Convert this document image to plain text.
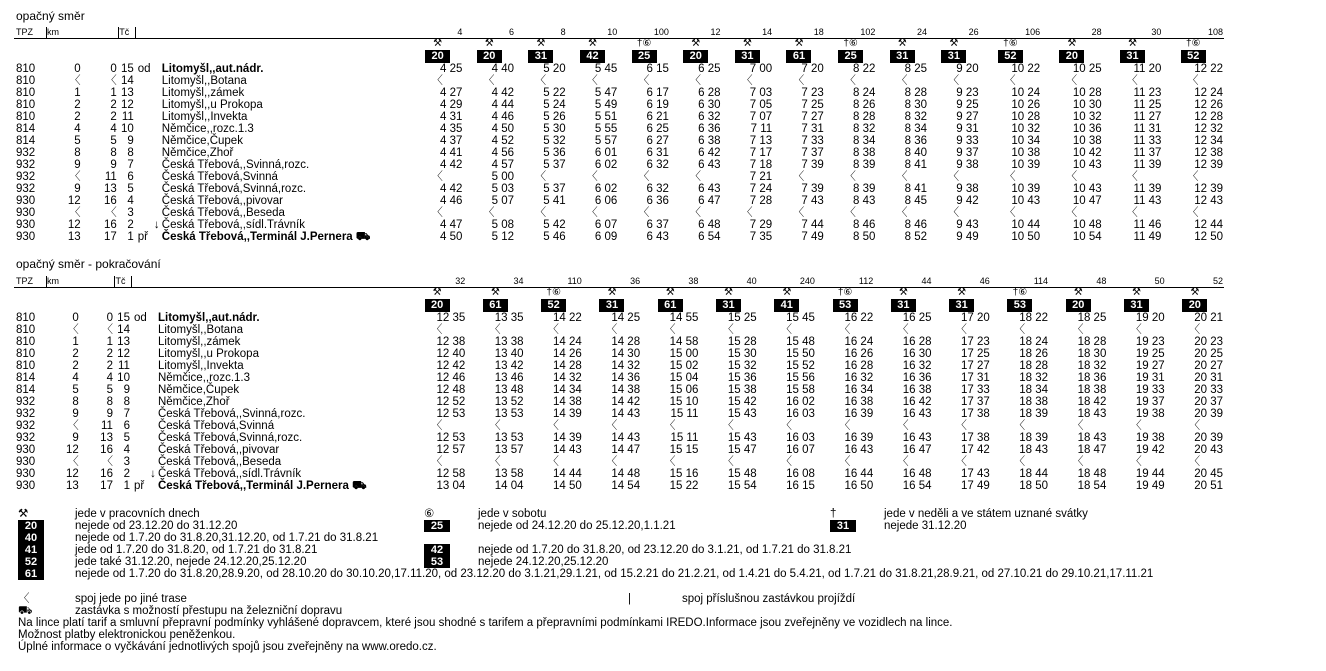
opačný směr
TPZ	km		Tč				4	6	8	10	100	12	14	18	102	24	26	106	28	30	108
							⚒	⚒	⚒	⚒	†⑥	⚒	⚒	⚒	†⑥	⚒	⚒	†⑥	⚒	⚒	†⑥
							20	20	31	42	25	20	31	61	25	31	31	52	20	31	52
810	0	0	15	od		Litomyšl,,aut.nádr.	4 25	4 40	5 20	5 45	6 15	6 25	7 00	7 20	8 22	8 25	9 20	10 22	10 25	11 20	12 22
810	〈	〈	14			Litomyšl,,Botana	〈	〈	〈	〈	〈	〈	〈	〈	〈	〈	〈	〈	〈	〈	〈
810	1	1	13			Litomyšl,,zámek	4 27	4 42	5 22	5 47	6 17	6 28	7 03	7 23	8 24	8 28	9 23	10 24	10 28	11 23	12 24
810	2	2	12			Litomyšl,,u Prokopa	4 29	4 44	5 24	5 49	6 19	6 30	7 05	7 25	8 26	8 30	9 25	10 26	10 30	11 25	12 26
810	2	2	11			Litomyšl,,Invekta	4 31	4 46	5 26	5 51	6 21	6 32	7 07	7 27	8 28	8 32	9 27	10 28	10 32	11 27	12 28
814	4	4	10			Němčice,,rozc.1.3	4 35	4 50	5 30	5 55	6 25	6 36	7 11	7 31	8 32	8 34	9 31	10 32	10 36	11 31	12 32
814	5	5	9			Němčice,Čupek	4 37	4 52	5 32	5 57	6 27	6 38	7 13	7 33	8 34	8 36	9 33	10 34	10 38	11 33	12 34
932	8	8	8			Němčice,Zhoř	4 41	4 56	5 36	6 01	6 31	6 42	7 17	7 37	8 38	8 40	9 37	10 38	10 42	11 37	12 38
932	9	9	7			Česká Třebová,,Svinná,rozc.	4 42	4 57	5 37	6 02	6 32	6 43	7 18	7 39	8 39	8 41	9 38	10 39	10 43	11 39	12 39
932	〈	11	6			Česká Třebová,Svinná	〈	5 00	〈	〈	〈	〈	7 21	〈	〈	〈	〈	〈	〈	〈	〈
932	9	13	5			Česká Třebová,Svinná,rozc.	4 42	5 03	5 37	6 02	6 32	6 43	7 24	7 39	8 39	8 41	9 38	10 39	10 43	11 39	12 39
930	12	16	4			Česká Třebová,,pivovar	4 46	5 07	5 41	6 06	6 36	6 47	7 28	7 43	8 43	8 45	9 42	10 43	10 47	11 43	12 43
930	〈	〈	3			Česká Třebová,,Beseda	〈	〈	〈	〈	〈	〈	〈	〈	〈	〈	〈	〈	〈	〈	〈
930	12	16	2		↓	Česká Třebová,,sídl.Trávník	4 47	5 08	5 42	6 07	6 37	6 48	7 29	7 44	8 46	8 46	9 43	10 44	10 48	11 46	12 44
930	13	17	1	př		Česká Třebová,,Terminál J.Pernera ⛟	4 50	5 12	5 46	6 09	6 43	6 54	7 35	7 49	8 50	8 52	9 49	10 50	10 54	11 49	12 50
opačný směr - pokračování
TPZ	km		Tč				32	34	110	36	38	40	240	112	44	46	114	48	50	52
							⚒	⚒	†⑥	⚒	⚒	⚒	⚒	†⑥	⚒	⚒	†⑥	⚒	⚒	⚒
							20	61	52	31	61	31	41	53	31	31	53	20	31	20
810	0	0	15	od		Litomyšl,,aut.nádr.	12 35	13 35	14 22	14 25	14 55	15 25	15 45	16 22	16 25	17 20	18 22	18 25	19 20	20 21
810	〈	〈	14			Litomyšl,,Botana	〈	〈	〈	〈	〈	〈	〈	〈	〈	〈	〈	〈	〈	〈
810	1	1	13			Litomyšl,,zámek	12 38	13 38	14 24	14 28	14 58	15 28	15 48	16 24	16 28	17 23	18 24	18 28	19 23	20 23
810	2	2	12			Litomyšl,,u Prokopa	12 40	13 40	14 26	14 30	15 00	15 30	15 50	16 26	16 30	17 25	18 26	18 30	19 25	20 25
810	2	2	11			Litomyšl,,Invekta	12 42	13 42	14 28	14 32	15 02	15 32	15 52	16 28	16 32	17 27	18 28	18 32	19 27	20 27
814	4	4	10			Němčice,,rozc.1.3	12 46	13 46	14 32	14 36	15 04	15 36	15 56	16 32	16 36	17 31	18 32	18 36	19 31	20 31
814	5	5	9			Němčice,Čupek	12 48	13 48	14 34	14 38	15 06	15 38	15 58	16 34	16 38	17 33	18 34	18 38	19 33	20 33
932	8	8	8			Němčice,Zhoř	12 52	13 52	14 38	14 42	15 10	15 42	16 02	16 38	16 42	17 37	18 38	18 42	19 37	20 37
932	9	9	7			Česká Třebová,,Svinná,rozc.	12 53	13 53	14 39	14 43	15 11	15 43	16 03	16 39	16 43	17 38	18 39	18 43	19 38	20 39
932	〈	11	6			Česká Třebová,Svinná	〈	〈	〈	〈	〈	〈	〈	〈	〈	〈	〈	〈	〈	〈
932	9	13	5			Česká Třebová,Svinná,rozc.	12 53	13 53	14 39	14 43	15 11	15 43	16 03	16 39	16 43	17 38	18 39	18 43	19 38	20 39
930	12	16	4			Česká Třebová,,pivovar	12 57	13 57	14 43	14 47	15 15	15 47	16 07	16 43	16 47	17 42	18 43	18 47	19 42	20 43
930	〈	〈	3			Česká Třebová,,Beseda	〈	〈	〈	〈	〈	〈	〈	〈	〈	〈	〈	〈	〈	〈
930	12	16	2		↓	Česká Třebová,,sídl.Trávník	12 58	13 58	14 44	14 48	15 16	15 48	16 08	16 44	16 48	17 43	18 44	18 48	19 44	20 45
930	13	17	1	př		Česká Třebová,,Terminál J.Pernera ⛟	13 04	14 04	14 50	14 54	15 22	15 54	16 15	16 50	16 54	17 49	18 50	18 54	19 49	20 51
⚒	jede v pracovních dnech	⑥	jede v sobotu	†	jede v neděli a ve státem uznané svátky
20	nejede od 23.12.20 do 31.12.20	25	nejede od 24.12.20 do 25.12.20,1.1.21	31	nejede 31.12.20
40	nejede od 1.7.20 do 31.8.20,31.12.20, od 1.7.21 do 31.8.21
41	jede od 1.7.20 do 31.8.20, od 1.7.21 do 31.8.21	42	nejede od 1.7.20 do 31.8.20, od 23.12.20 do 3.1.21, od 1.7.21 do 31.8.21
52	jede také 31.12.20, nejede 24.12.20,25.12.20	53	nejede 24.12.20,25.12.20
61	nejede od 1.7.20 do 31.8.20,28.9.20, od 28.10.20 do 30.10.20,17.11.20, od 23.12.20 do 3.1.21,29.1.21, od 15.2.21 do 21.2.21, od 1.4.21 do 5.4.21, od 1.7.21 do 31.8.21,28.9.21, od 27.10.21 do 29.10.21,17.11.21
〈	spoj jede po jiné trase	|	spoj příslušnou zastávkou projíždí
⛟	zastávka s možností přestupu na železniční dopravu
Na lince platí tarif a smluvní přepravní podmínky vyhlášené dopravcem, které jsou shodné s tarifem a přepravními podmínkami IREDO.Informace jsou zveřejněny ve vozidlech na lince.
Možnost platby elektronickou peněženkou.
Úplné informace o vyčkávání jednotlivých spojů jsou zveřejněny na www.oredo.cz.
